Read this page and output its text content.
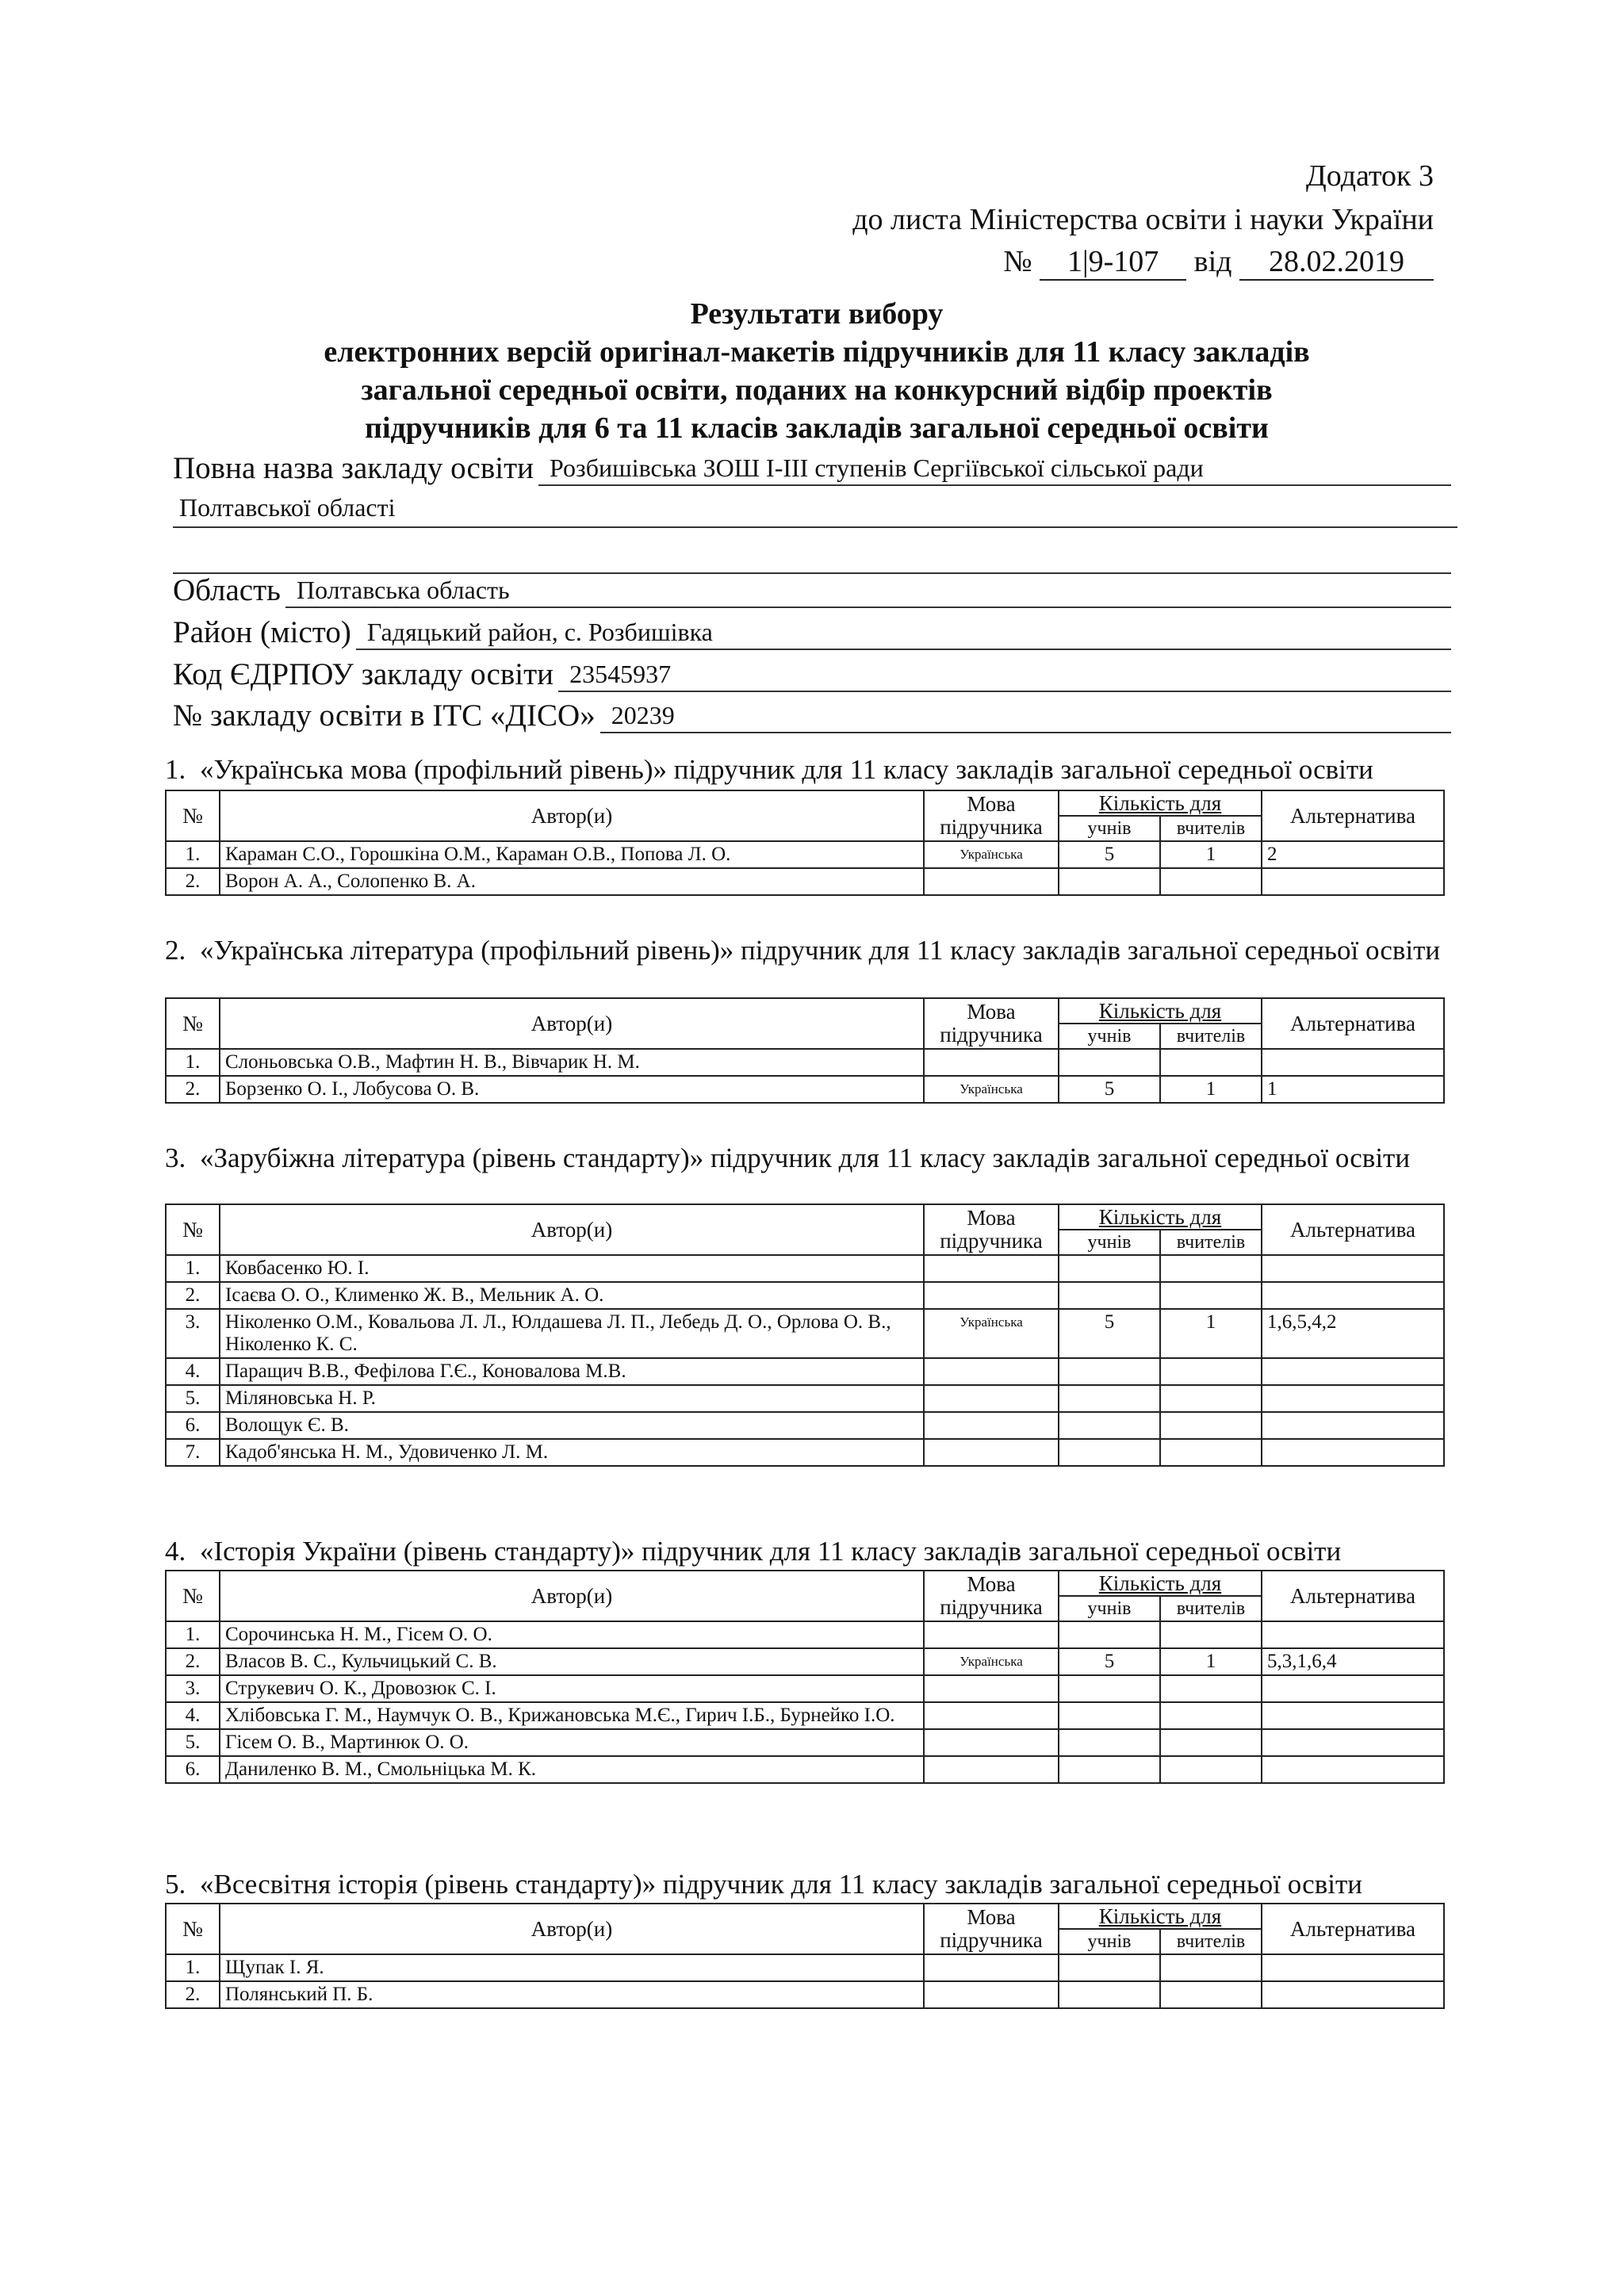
Додаток 3
до листа Міністерства освіти і науки України
№ 1|9-107 від 28.02.2019
Результати вибору
електронних версій оригінал-макетів підручників для 11 класу закладів
загальної середньої освіти, поданих на конкурсний відбір проектів
підручників для 6 та 11 класів закладів загальної середньої освіти
Повна назва закладу освіти Розбишівська ЗОШ І-ІІІ ступенів Сергіївської сільської ради
Полтавської області
Область Полтавська область
Район (місто) Гадяцький район, с. Розбишівка
Код ЄДРПОУ закладу освіти 23545937
№ закладу освіти в ІТС «ДІСО» 20239
1. «Українська мова (профільний рівень)» підручник для 11 класу закладів загальної середньої освіти
№	Автор(и)	Мова підручника	Кількість для		Альтернатива
			учнів	вчителів	
1.	Караман С.О., Горошкіна О.М., Караман О.В., Попова Л. О.	Українська	5	1	2
2.	Ворон А. А., Солопенко В. А.				
2. «Українська література (профільний рівень)» підручник для 11 класу закладів загальної середньої освіти
№	Автор(и)	Мова підручника	Кількість для		Альтернатива
			учнів	вчителів	
1.	Слоньовська О.В., Мафтин Н. В., Вівчарик Н. М.				
2.	Борзенко О. І., Лобусова О. В.	Українська	5	1	1
3. «Зарубіжна література (рівень стандарту)» підручник для 11 класу закладів загальної середньої освіти
№	Автор(и)	Мова підручника	Кількість для		Альтернатива
			учнів	вчителів	
1.	Ковбасенко Ю. І.				
2.	Ісаєва О. О., Клименко Ж. В., Мельник А. О.				
3.	Ніколенко О.М., Ковальова Л. Л., Юлдашева Л. П., Лебедь Д. О., Орлова О. В., Ніколенко К. С.	Українська	5	1	1,6,5,4,2
4.	Паращич В.В., Фефілова Г.Є., Коновалова М.В.				
5.	Міляновська Н. Р.				
6.	Волощук Є. В.				
7.	Кадоб'янська Н. М., Удовиченко Л. М.				
4. «Історія України (рівень стандарту)» підручник для 11 класу закладів загальної середньої освіти
№	Автор(и)	Мова підручника	Кількість для		Альтернатива
			учнів	вчителів	
1.	Сорочинська Н. М., Гісем О. О.				
2.	Власов В. С., Кульчицький С. В.	Українська	5	1	5,3,1,6,4
3.	Струкевич О. К., Дровозюк С. І.				
4.	Хлібовська Г. М., Наумчук О. В., Крижановська М.Є., Гирич І.Б., Бурнейко І.О.				
5.	Гісем О. В., Мартинюк О. О.				
6.	Даниленко В. М., Смольніцька М. К.				
5. «Всесвітня історія (рівень стандарту)» підручник для 11 класу закладів загальної середньої освіти
№	Автор(и)	Мова підручника	Кількість для		Альтернатива
			учнів	вчителів	
1.	Щупак І. Я.				
2.	Полянський П. Б.				
